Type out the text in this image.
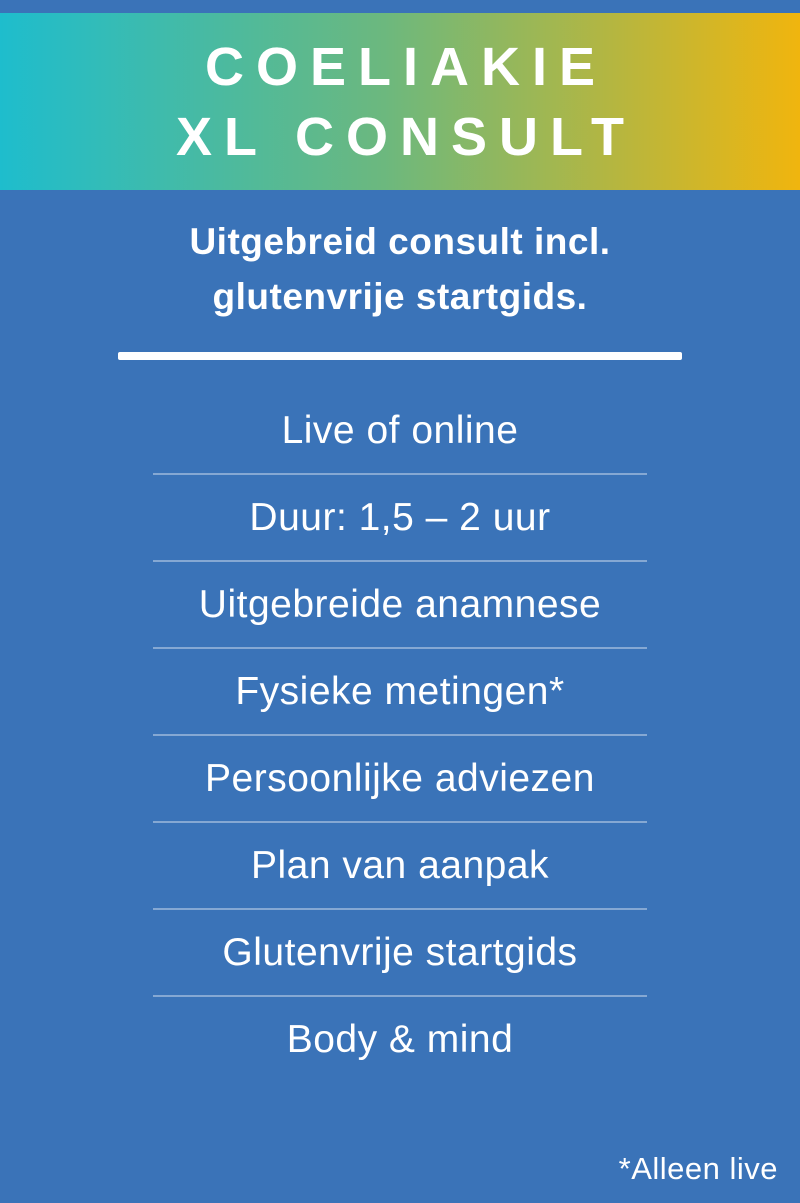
COELIAKIE
XL CONSULT
Uitgebreid consult incl.
glutenvrije startgids.
Live of online
Duur: 1,5 – 2 uur
Uitgebreide anamnese
Fysieke metingen*
Persoonlijke adviezen
Plan van aanpak
Glutenvrije startgids
Body & mind
*Alleen live
